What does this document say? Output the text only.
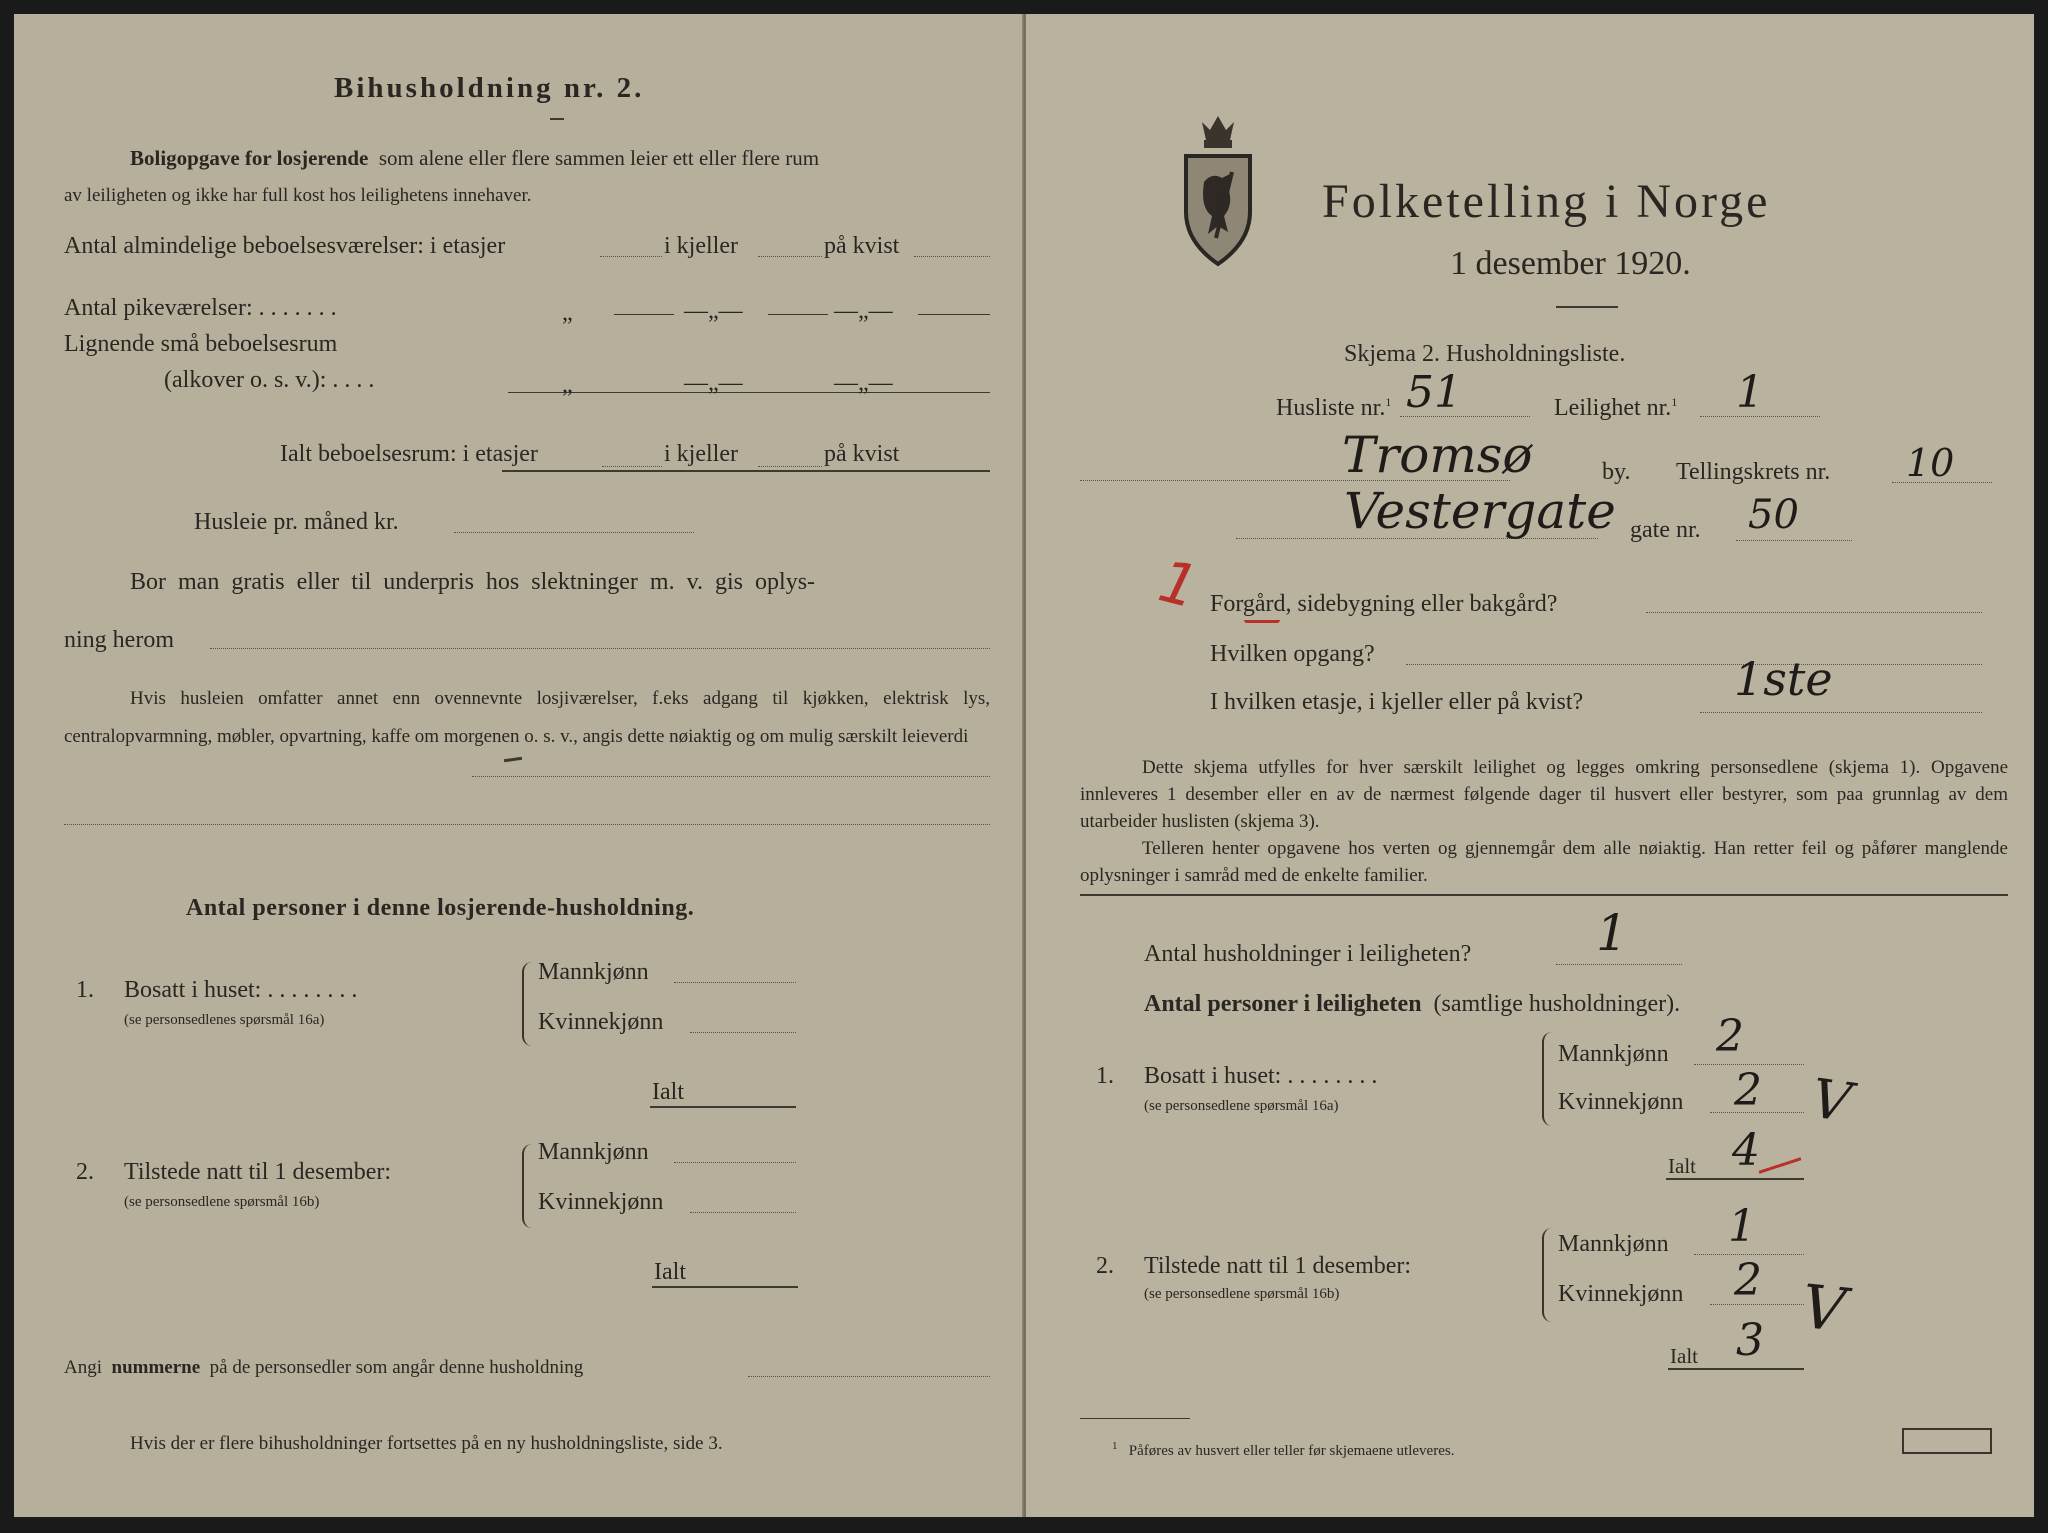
Bihusholdning nr. 2.
Boligopgave for losjerende som alene eller flere sammen leier ett eller flere rum
av leiligheten og ikke har full kost hos leilighetens innehaver.
Antal almindelige beboelsesværelser: i etasjer	i kjeller	på kvist
Antal pikeværelser: . . . . . . .	„	—„—	—„—
Lignende små beboelsesrum
(alkover o. s. v.): . . . .	„	—„—	—„—
Ialt beboelsesrum: i etasjer	i kjeller	på kvist
Husleie pr. måned kr.
Bor man gratis eller til underpris hos slektninger m. v. gis oplys-
ning herom
Hvis husleien omfatter annet enn ovennevnte losjiværelser, f.eks adgang til kjøkken, elektrisk lys, centralopvarmning, møbler, opvartning, kaffe om morgenen o. s. v., angis dette nøiaktig og om mulig særskilt leieverdi
Antal personer i denne losjerende-husholdning.
1. Bosatt i huset: . . . . . . . .
(se personsedlenes spørsmål 16a)
Mannkjønn
Kvinnekjønn
Ialt
2. Tilstede natt til 1 desember:
(se personsedlene spørsmål 16b)
Mannkjønn
Kvinnekjønn
Ialt
Angi nummerne på de personsedler som angår denne husholdning
Hvis der er flere bihusholdninger fortsettes på en ny husholdningsliste, side 3.
Folketelling i Norge
1 desember 1920.
Skjema 2. Husholdningsliste.
Husliste nr.$^1$ 51	Leilighet nr.$^1$ 1
Tromsø	by. Tellingskrets nr. 10
Vestergate gate nr. 50
1 Forgård, sidebygning eller bakgård?
Hvilken opgang?
I hvilken etasje, i kjeller eller på kvist?	1ste
Dette skjema utfylles for hver særskilt leilighet og legges omkring personsedlene (skjema 1). Opgavene innleveres 1 desember eller en av de nærmest følgende dager til husvert eller bestyrer, som paa grunnlag av dem utarbeider huslisten (skjema 3).
Telleren henter opgavene hos verten og gjennemgår dem alle nøiaktig. Han retter feil og påfører manglende oplysninger i samråd med de enkelte familier.
Antal husholdninger i leiligheten? 1
Antal personer i leiligheten (samtlige husholdninger).
1. Bosatt i huset: . . . . . . . .
(se personsedlene spørsmål 16a)
Mannkjønn 2
Kvinnekjønn 2 V
Ialt 4
2. Tilstede natt til 1 desember:
(se personsedlene spørsmål 16b)
Mannkjønn 1
Kvinnekjønn 2 V
Ialt 3
$^1$ Påføres av husvert eller teller før skjemaene utleveres.
